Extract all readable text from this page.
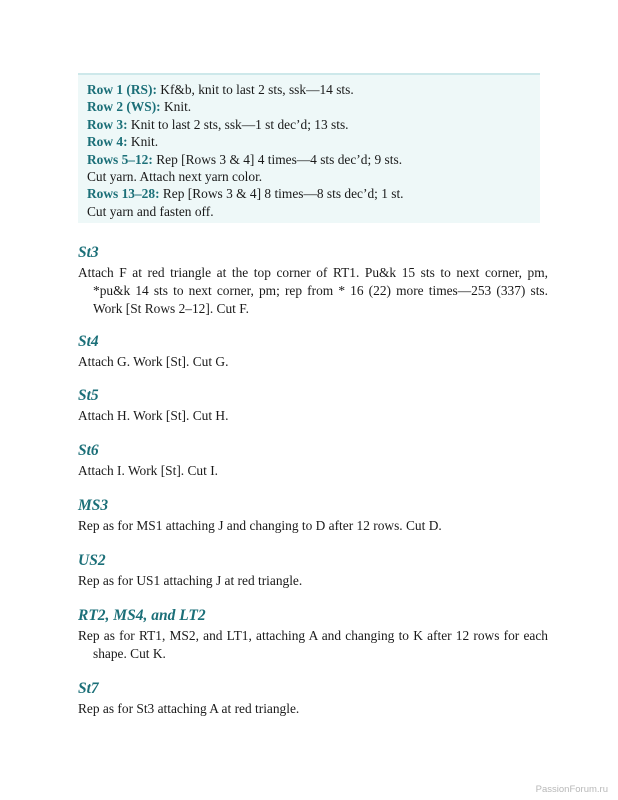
Row 1 (RS): Kf&b, knit to last 2 sts, ssk—14 sts.
Row 2 (WS): Knit.
Row 3: Knit to last 2 sts, ssk—1 st dec’d; 13 sts.
Row 4: Knit.
Rows 5–12: Rep [Rows 3 & 4] 4 times—4 sts dec’d; 9 sts.
Cut yarn. Attach next yarn color.
Rows 13–28: Rep [Rows 3 & 4] 8 times—8 sts dec’d; 1 st.
Cut yarn and fasten off.
St3

Attach F at red triangle at the top corner of RT1. Pu&k 15 sts to next corner, pm, *pu&k 14 sts to next corner, pm; rep from * 16 (22) more times—253 (337) sts. Work [St Rows 2–12]. Cut F.

St4

Attach G. Work [St]. Cut G.

St5

Attach H. Work [St]. Cut H.

St6

Attach I. Work [St]. Cut I.

MS3

Rep as for MS1 attaching J and changing to D after 12 rows. Cut D.

US2

Rep as for US1 attaching J at red triangle.

RT2, MS4, and LT2

Rep as for RT1, MS2, and LT1, attaching A and changing to K after 12 rows for each shape. Cut K.

St7

Rep as for St3 attaching A at red triangle.

PassionForum.ru
